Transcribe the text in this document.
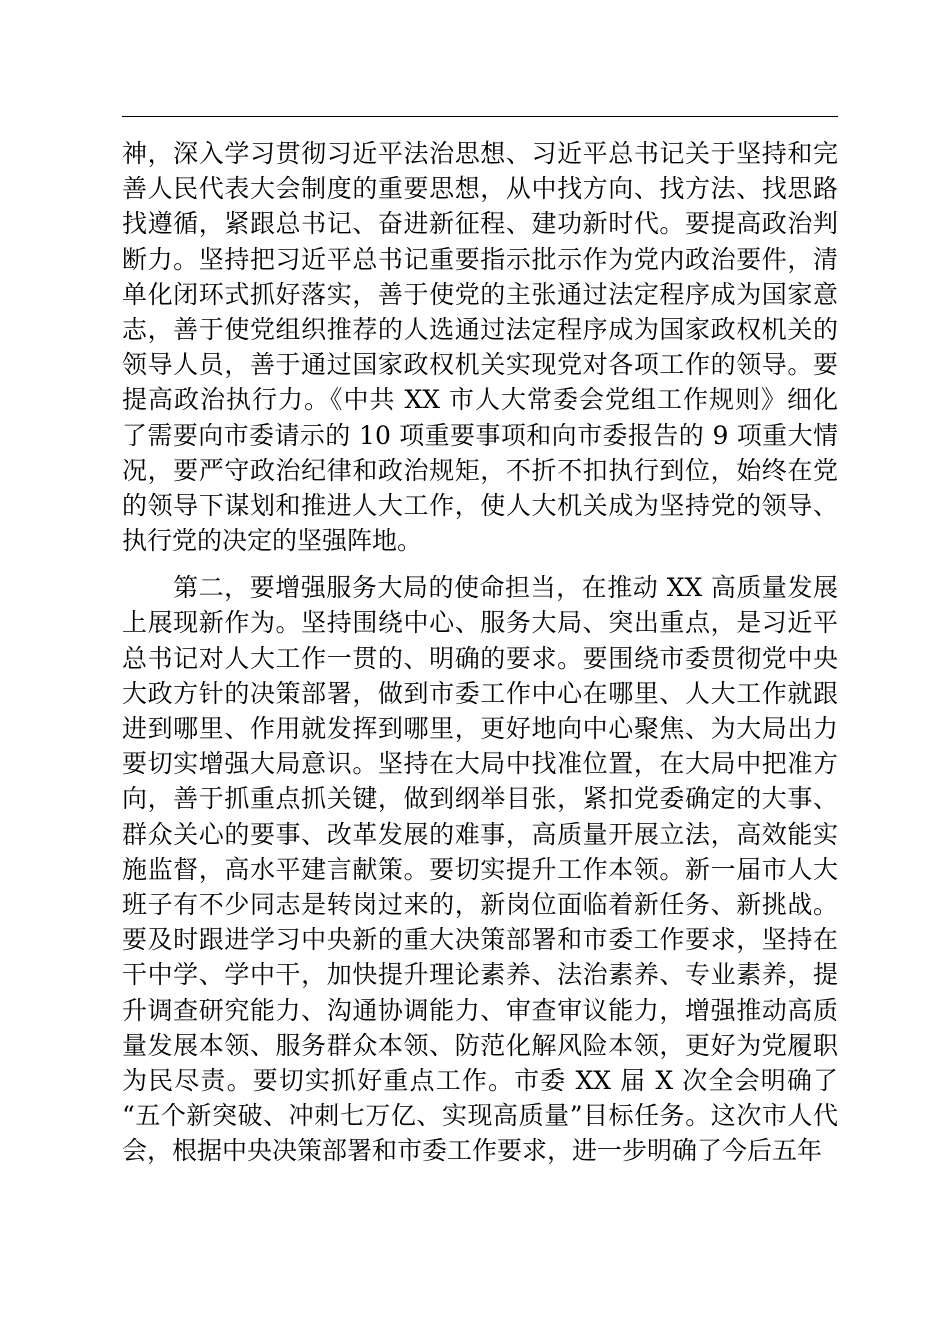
神，深入学习贯彻习近平法治思想、习近平总书记关于坚持和完
善人民代表大会制度的重要思想，从中找方向、找方法、找思路
找遵循，紧跟总书记、奋进新征程、建功新时代。要提高政治判
断力。坚持把习近平总书记重要指示批示作为党内政治要件，清
单化闭环式抓好落实，善于使党的主张通过法定程序成为国家意
志，善于使党组织推荐的人选通过法定程序成为国家政权机关的
领导人员，善于通过国家政权机关实现党对各项工作的领导。要
提高政治执行力。《中共 XX 市人大常委会党组工作规则》细化
了需要向市委请示的 10 项重要事项和向市委报告的 9 项重大情
况，要严守政治纪律和政治规矩，不折不扣执行到位，始终在党
的领导下谋划和推进人大工作，使人大机关成为坚持党的领导、
执行党的决定的坚强阵地。
　　第二，要增强服务大局的使命担当，在推动 XX 高质量发展
上展现新作为。坚持围绕中心、服务大局、突出重点，是习近平
总书记对人大工作一贯的、明确的要求。要围绕市委贯彻党中央
大政方针的决策部署，做到市委工作中心在哪里、人大工作就跟
进到哪里、作用就发挥到哪里，更好地向中心聚焦、为大局出力
要切实增强大局意识。坚持在大局中找准位置，在大局中把准方
向，善于抓重点抓关键，做到纲举目张，紧扣党委确定的大事、
群众关心的要事、改革发展的难事，高质量开展立法，高效能实
施监督，高水平建言献策。要切实提升工作本领。新一届市人大
班子有不少同志是转岗过来的，新岗位面临着新任务、新挑战。
要及时跟进学习中央新的重大决策部署和市委工作要求，坚持在
干中学、学中干，加快提升理论素养、法治素养、专业素养，提
升调查研究能力、沟通协调能力、审查审议能力，增强推动高质
量发展本领、服务群众本领、防范化解风险本领，更好为党履职
为民尽责。要切实抓好重点工作。市委 XX 届 X 次全会明确了
“五个新突破、冲刺七万亿、实现高质量”目标任务。这次市人代
会，根据中央决策部署和市委工作要求，进一步明确了今后五年
